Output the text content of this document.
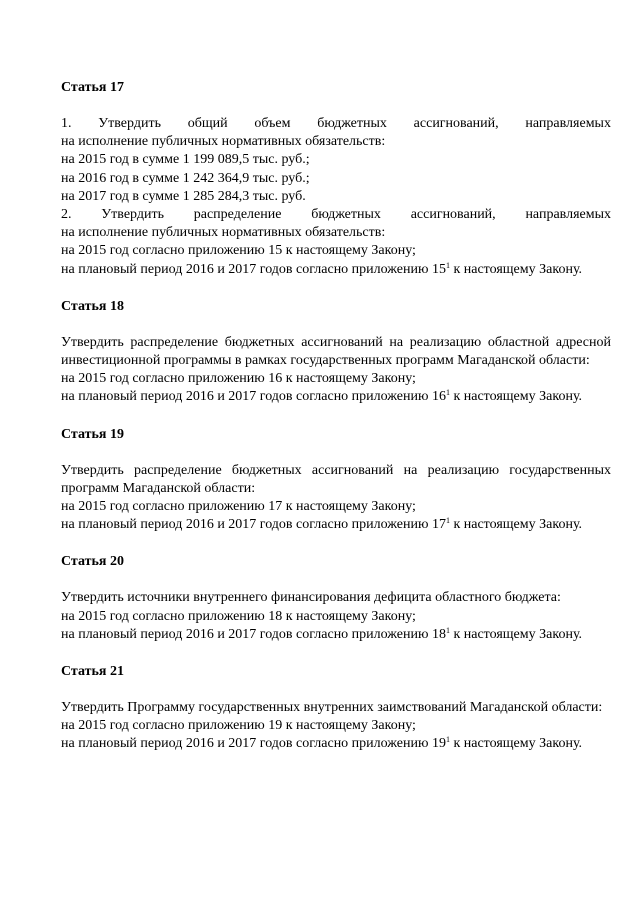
Статья 17

1. Утвердить общий объем бюджетных ассигнований, направляемых

на исполнение публичных нормативных обязательств:

на 2015 год в сумме 1 199 089,5 тыс. руб.;

на 2016 год в сумме 1 242 364,9 тыс. руб.;

на 2017 год в сумме 1 285 284,3 тыс. руб.

2. Утвердить распределение бюджетных ассигнований, направляемых

на исполнение публичных нормативных обязательств:

на 2015 год согласно приложению 15 к настоящему Закону;

на плановый период 2016 и 2017 годов согласно приложению $15^1$ к настоящему Закону.

Статья 18

Утвердить распределение бюджетных ассигнований на реализацию областной адресной инвестиционной программы в рамках государственных программ Магаданской области:

на 2015 год согласно приложению 16 к настоящему Закону;

на плановый период 2016 и 2017 годов согласно приложению $16^1$ к настоящему Закону.

Статья 19

Утвердить распределение бюджетных ассигнований на реализацию государственных программ Магаданской области:

на 2015 год согласно приложению 17 к настоящему Закону;

на плановый период 2016 и 2017 годов согласно приложению $17^1$ к настоящему Закону.

Статья 20

Утвердить источники внутреннего финансирования дефицита областного бюджета:

на 2015 год согласно приложению 18 к настоящему Закону;

на плановый период 2016 и 2017 годов согласно приложению $18^1$ к настоящему Закону.

Статья 21

Утвердить Программу государственных внутренних заимствований Магаданской области:

на 2015 год согласно приложению 19 к настоящему Закону;

на плановый период 2016 и 2017 годов согласно приложению $19^1$ к настоящему Закону.
